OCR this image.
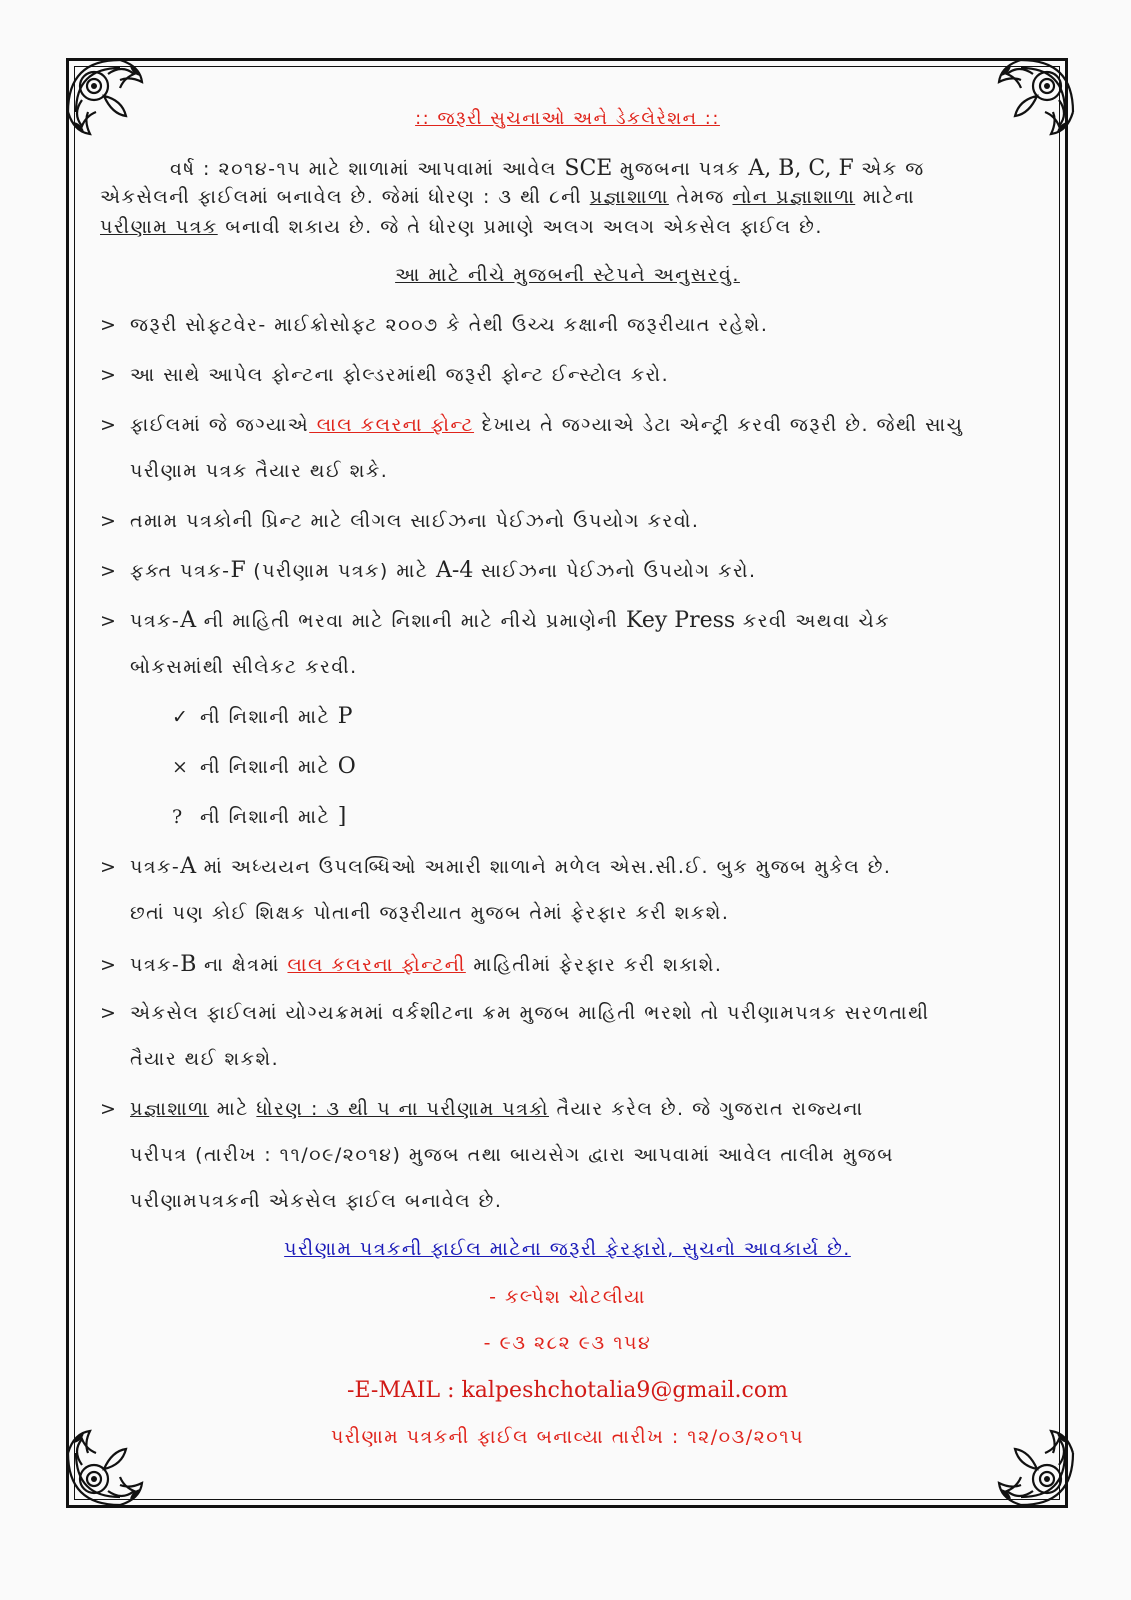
:: જરૂરી સુચનાઓ અને ડેકલેરેશન ::
વર્ષ : ૨૦૧૪-૧૫ માટે શાળામાં આપવામાં આવેલ SCE મુજબના પત્રક A, B, C, F એક જ
એકસેલની ફાઈલમાં બનાવેલ છે. જેમાં ધોરણ : ૩ થી ૮ની પ્રજ્ઞાશાળા તેમજ નોન પ્રજ્ઞાશાળા માટેના
પરીણામ પત્રક બનાવી શકાય છે. જે તે ધોરણ પ્રમાણે અલગ અલગ એકસેલ ફાઈલ છે.
આ માટે નીચે મુજબની સ્ટેપને અનુસરવું.
> જરૂરી સોફ્ટવેર- માઈક્રોસોફ્ટ ૨૦૦૭ કે તેથી ઉચ્ચ કક્ષાની જરૂરીયાત રહેશે.
> આ સાથે આપેલ ફોન્ટના ફોલ્ડરમાંથી જરૂરી ફોન્ટ ઈન્સ્ટોલ કરો.
> ફાઈલમાં જે જગ્યાએ લાલ કલરના ફોન્ટ દેખાય તે જગ્યાએ ડેટા એન્ટ્રી કરવી જરૂરી છે. જેથી સાચુ
પરીણામ પત્રક તૈયાર થઈ શકે.
> તમામ પત્રકોની પ્રિન્ટ માટે લીગલ સાઈઝના પેઈઝનો ઉપયોગ કરવો.
> ફક્ત પત્રક-F (પરીણામ પત્રક) માટે A-4 સાઈઝના પેઈઝનો ઉપયોગ કરો.
> પત્રક-A ની માહિતી ભરવા માટે નિશાની માટે નીચે પ્રમાણેની Key Press કરવી અથવા ચેક
બોકસમાંથી સીલેકટ કરવી.
✓ ની નિશાની માટે P
× ની નિશાની માટે O
? ની નિશાની માટે ]
> પત્રક-A માં અધ્યયન ઉપલબ્ધિઓ અમારી શાળાને મળેલ એસ.સી.ઈ. બુક મુજબ મુકેલ છે.
છતાં પણ કોઈ શિક્ષક પોતાની જરૂરીયાત મુજબ તેમાં ફેરફાર કરી શકશે.
> પત્રક-B ના ક્ષેત્રમાં લાલ કલરના ફોન્ટની માહિતીમાં ફેરફાર કરી શકાશે.
> એકસેલ ફાઈલમાં યોગ્યક્રમમાં વર્કશીટના ક્રમ મુજબ માહિતી ભરશો તો પરીણામપત્રક સરળતાથી
તૈયાર થઈ શકશે.
> પ્રજ્ઞાશાળા માટે ધોરણ : ૩ થી ૫ ના પરીણામ પત્રકો તૈયાર કરેલ છે. જે ગુજરાત રાજ્યના
પરીપત્ર (તારીખ : ૧૧/૦૯/૨૦૧૪) મુજબ તથા બાયસેગ દ્વારા આપવામાં આવેલ તાલીમ મુજબ
પરીણામપત્રકની એકસેલ ફાઈલ બનાવેલ છે.
પરીણામ પત્રકની ફાઈલ માટેના જરૂરી ફેરફારો, સુચનો આવકાર્ય છે.
- કલ્પેશ ચોટલીયા
- ૯૩ ૨૮૨ ૯૩ ૧૫૪
-E-MAIL : kalpeshchotalia9@gmail.com
પરીણામ પત્રકની ફાઈલ બનાવ્યા તારીખ : ૧૨/૦૩/૨૦૧૫
